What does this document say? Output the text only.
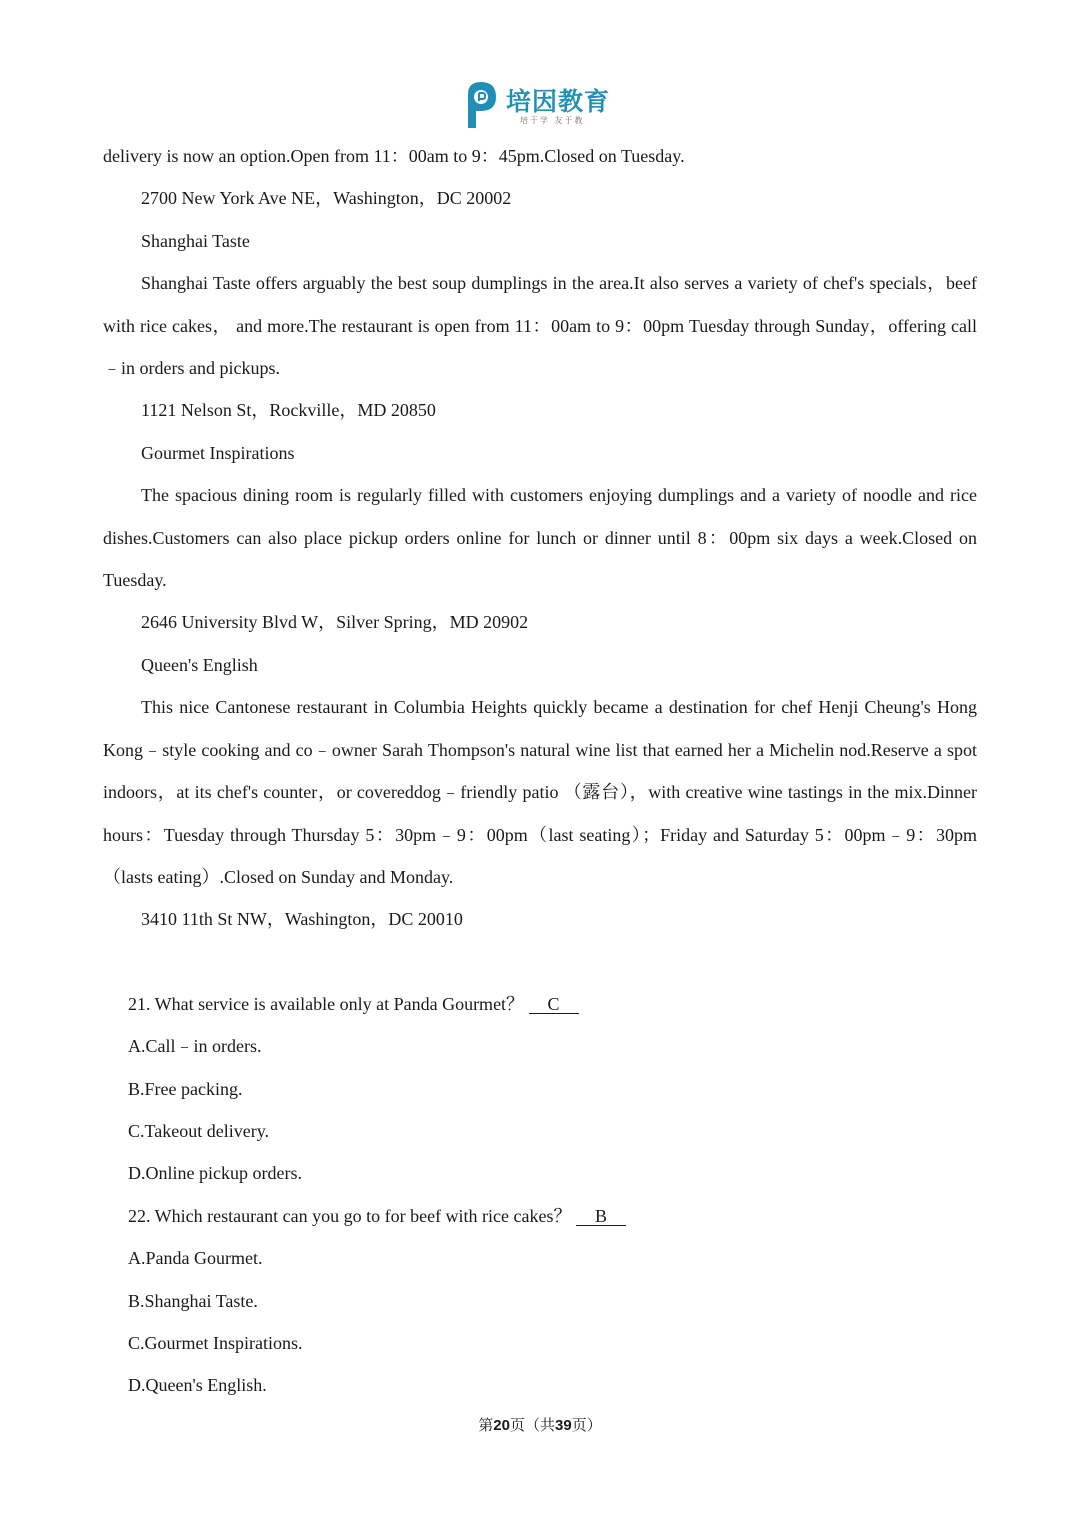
培因教育
培于学 友于教

delivery is now an option.Open from 11：00am to 9：45pm.Closed on Tuesday.

2700 New York Ave NE，Washington，DC 20002

Shanghai Taste

Shanghai Taste offers arguably the best soup dumplings in the area.It also serves a variety of chef's specials，beef with rice cakes， and more.The restaurant is open from 11：00am to 9：00pm Tuesday through Sunday，offering call﹣in orders and pickups.

1121 Nelson St，Rockville，MD 20850

Gourmet Inspirations

The spacious dining room is regularly filled with customers enjoying dumplings and a variety of noodle and rice dishes.Customers can also place pickup orders online for lunch or dinner until 8：00pm six days a week.Closed on Tuesday.

2646 University Blvd W，Silver Spring，MD 20902

Queen's English

This nice Cantonese restaurant in Columbia Heights quickly became a destination for chef Henji Cheung's Hong Kong﹣style cooking and co﹣owner Sarah Thompson's natural wine list that earned her a Michelin nod.Reserve a spot indoors，at its chef's counter，or covereddog﹣friendly patio （露台），with creative wine tastings in the mix.Dinner hours：Tuesday through Thursday 5：30pm﹣9：00pm（last seating）；Friday and Saturday 5：00pm﹣9：30pm（lasts eating）.Closed on Sunday and Monday.

3410 11th St NW，Washington，DC 20010

21. What service is available only at Panda Gourmet？ C

A.Call﹣in orders.

B.Free packing.

C.Takeout delivery.

D.Online pickup orders.

22. Which restaurant can you go to for beef with rice cakes？ B

A.Panda Gourmet.

B.Shanghai Taste.

C.Gourmet Inspirations.

D.Queen's English.

第20页（共39页）
